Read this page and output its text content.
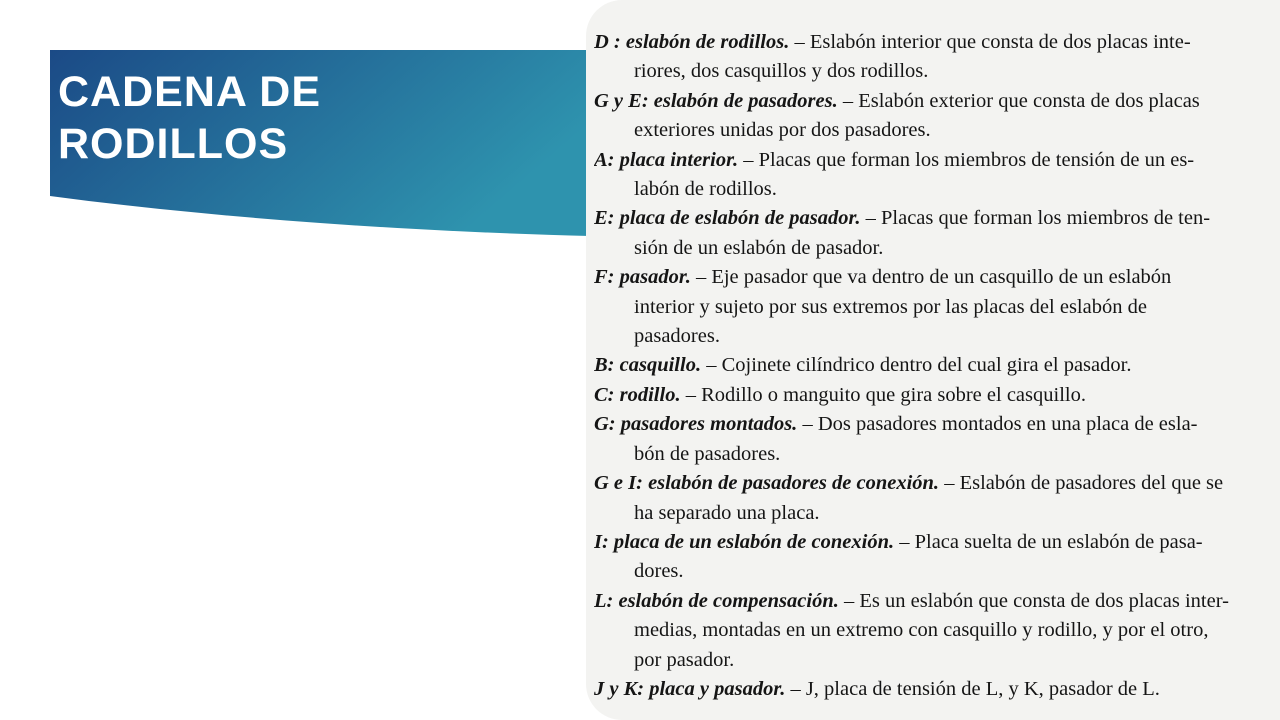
CADENA DE
RODILLOS
D : eslabón de rodillos. – Eslabón interior que consta de dos placas inte-
riores, dos casquillos y dos rodillos.
G y E: eslabón de pasadores. – Eslabón exterior que consta de dos placas
exteriores unidas por dos pasadores.
A: placa interior. – Placas que forman los miembros de tensión de un es-
labón de rodillos.
E: placa de eslabón de pasador. – Placas que forman los miembros de ten-
sión de un eslabón de pasador.
F: pasador. – Eje pasador que va dentro de un casquillo de un eslabón
interior y sujeto por sus extremos por las placas del eslabón de
pasadores.
B: casquillo. – Cojinete cilíndrico dentro del cual gira el pasador.
C: rodillo. – Rodillo o manguito que gira sobre el casquillo.
G: pasadores montados. – Dos pasadores montados en una placa de esla-
bón de pasadores.
G e I: eslabón de pasadores de conexión. – Eslabón de pasadores del que se
ha separado una placa.
I: placa de un eslabón de conexión. – Placa suelta de un eslabón de pasa-
dores.
L: eslabón de compensación. – Es un eslabón que consta de dos placas inter-
medias, montadas en un extremo con casquillo y rodillo, y por el otro,
por pasador.
J y K: placa y pasador. – J, placa de tensión de L, y K, pasador de L.
